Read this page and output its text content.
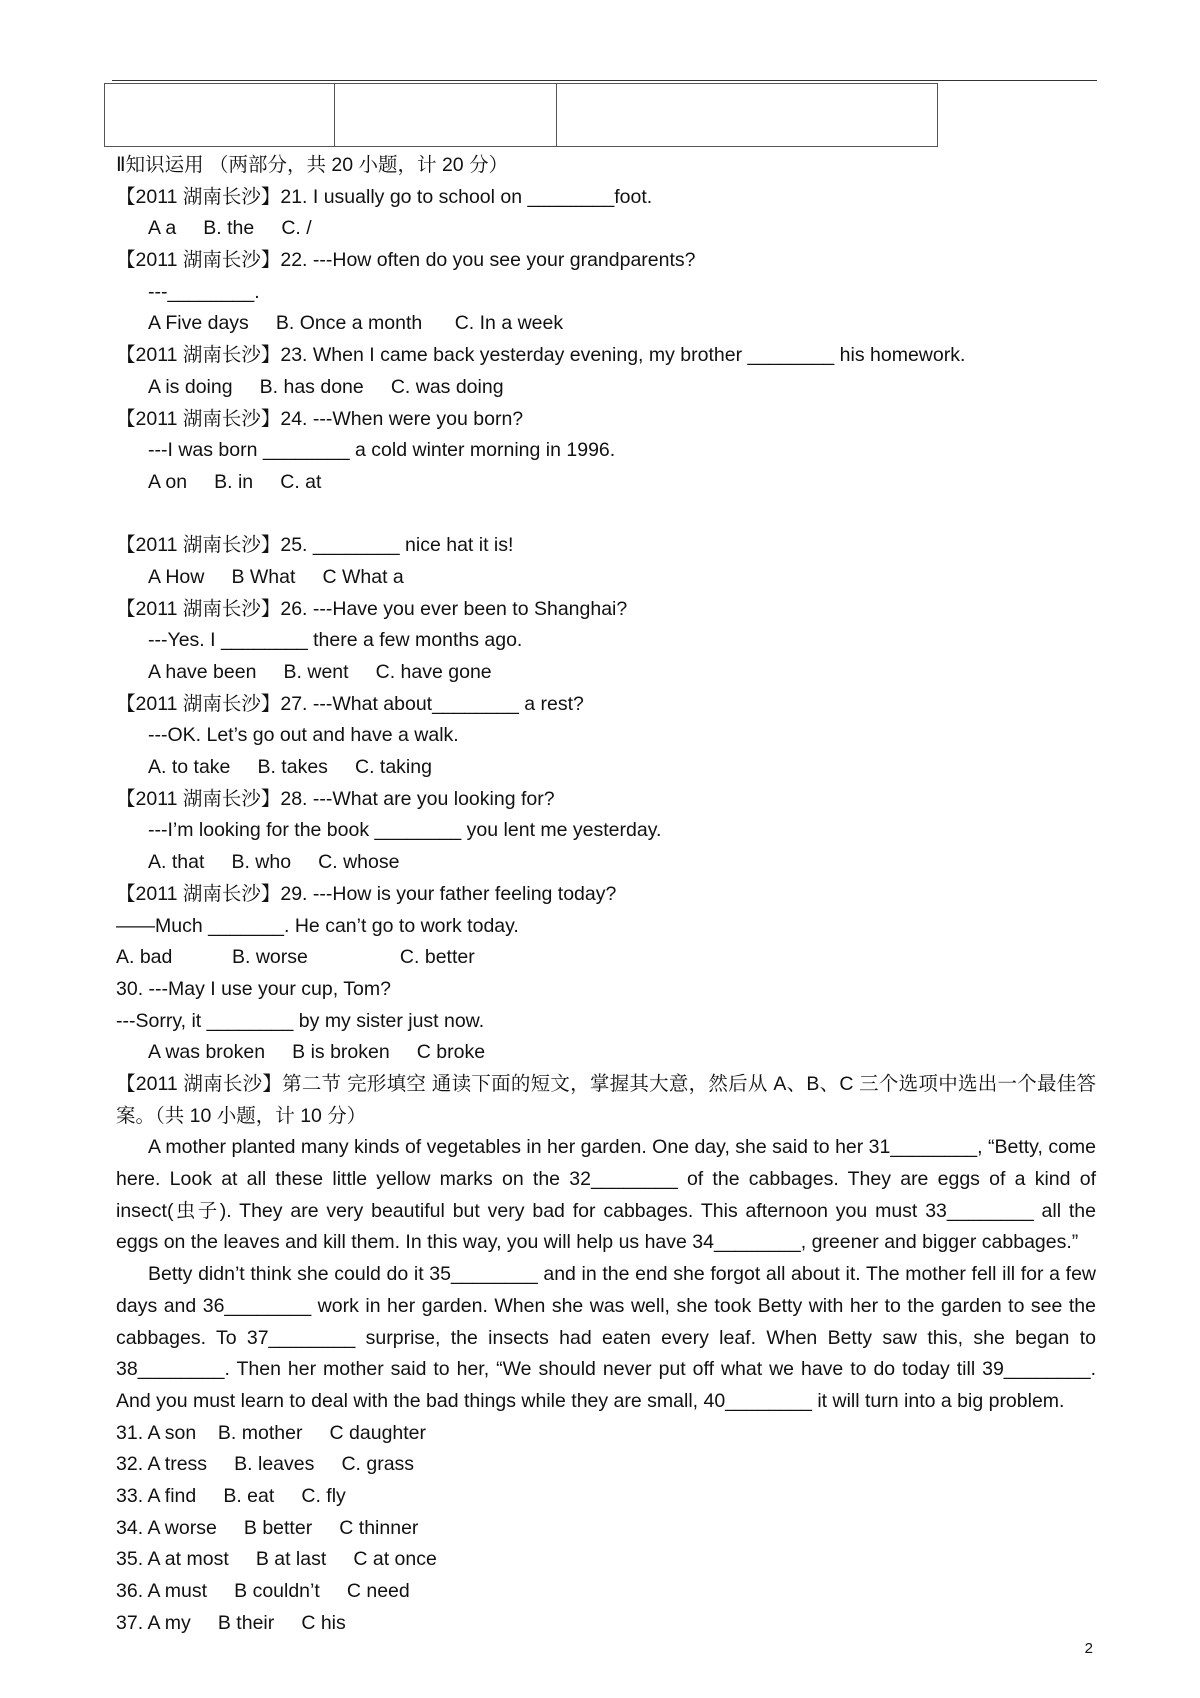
Ⅱ知识运用 （两部分，共 20 小题，计 20 分）
【2011 湖南长沙】21. I usually go to school on ________foot.
A a     B. the     C. /
【2011 湖南长沙】22. ---How often do you see your grandparents?
---________.
A Five days     B. Once a month      C. In a week
【2011 湖南长沙】23. When I came back yesterday evening, my brother ________ his homework.
A is doing     B. has done     C. was doing
【2011 湖南长沙】24. ---When were you born?
---I was born ________ a cold winter morning in 1996.
A on     B. in     C. at
【2011 湖南长沙】25. ________ nice hat it is!
A How     B What     C What a
【2011 湖南长沙】26. ---Have you ever been to Shanghai?
---Yes. I ________ there a few months ago.
A have been     B. went     C. have gone
【2011 湖南长沙】27. ---What about________ a rest?
---OK. Let’s go out and have a walk.
A. to take     B. takes     C. taking
【2011 湖南长沙】28. ---What are you looking for?
---I’m looking for the book ________ you lent me yesterday.
A. that     B. who     C. whose
【2011 湖南长沙】29. ---How is your father feeling today?
——Much _______. He can’t go to work today.
A. bad           B. worse                 C. better
30. ---May I use your cup, Tom?
---Sorry, it ________ by my sister just now.
A was broken     B is broken     C broke

【2011 湖南长沙】第二节 完形填空 通读下面的短文，掌握其大意，然后从 A、B、C 三个选项中选出一个最佳答案。（共 10 小题，计 10 分）

A mother planted many kinds of vegetables in her garden. One day, she said to her 31________, “Betty, come here. Look at all these little yellow marks on the 32________ of the cabbages. They are eggs of a kind of insect(虫子). They are very beautiful but very bad for cabbages. This afternoon you must 33________ all the eggs on the leaves and kill them. In this way, you will help us have 34________, greener and bigger cabbages.”

Betty didn’t think she could do it 35________ and in the end she forgot all about it. The mother fell ill for a few days and 36________ work in her garden. When she was well, she took Betty with her to the garden to see the cabbages. To 37________ surprise, the insects had eaten every leaf. When Betty saw this, she began to 38________. Then her mother said to her, “We should never put off what we have to do today till 39________. And you must learn to deal with the bad things while they are small, 40________ it will turn into a big problem.

31. A son    B. mother     C daughter
32. A tress     B. leaves     C. grass
33. A find     B. eat     C. fly
34. A worse     B better     C thinner
35. A at most     B at last     C at once
36. A must     B couldn’t     C need
37. A my     B their     C his
2
